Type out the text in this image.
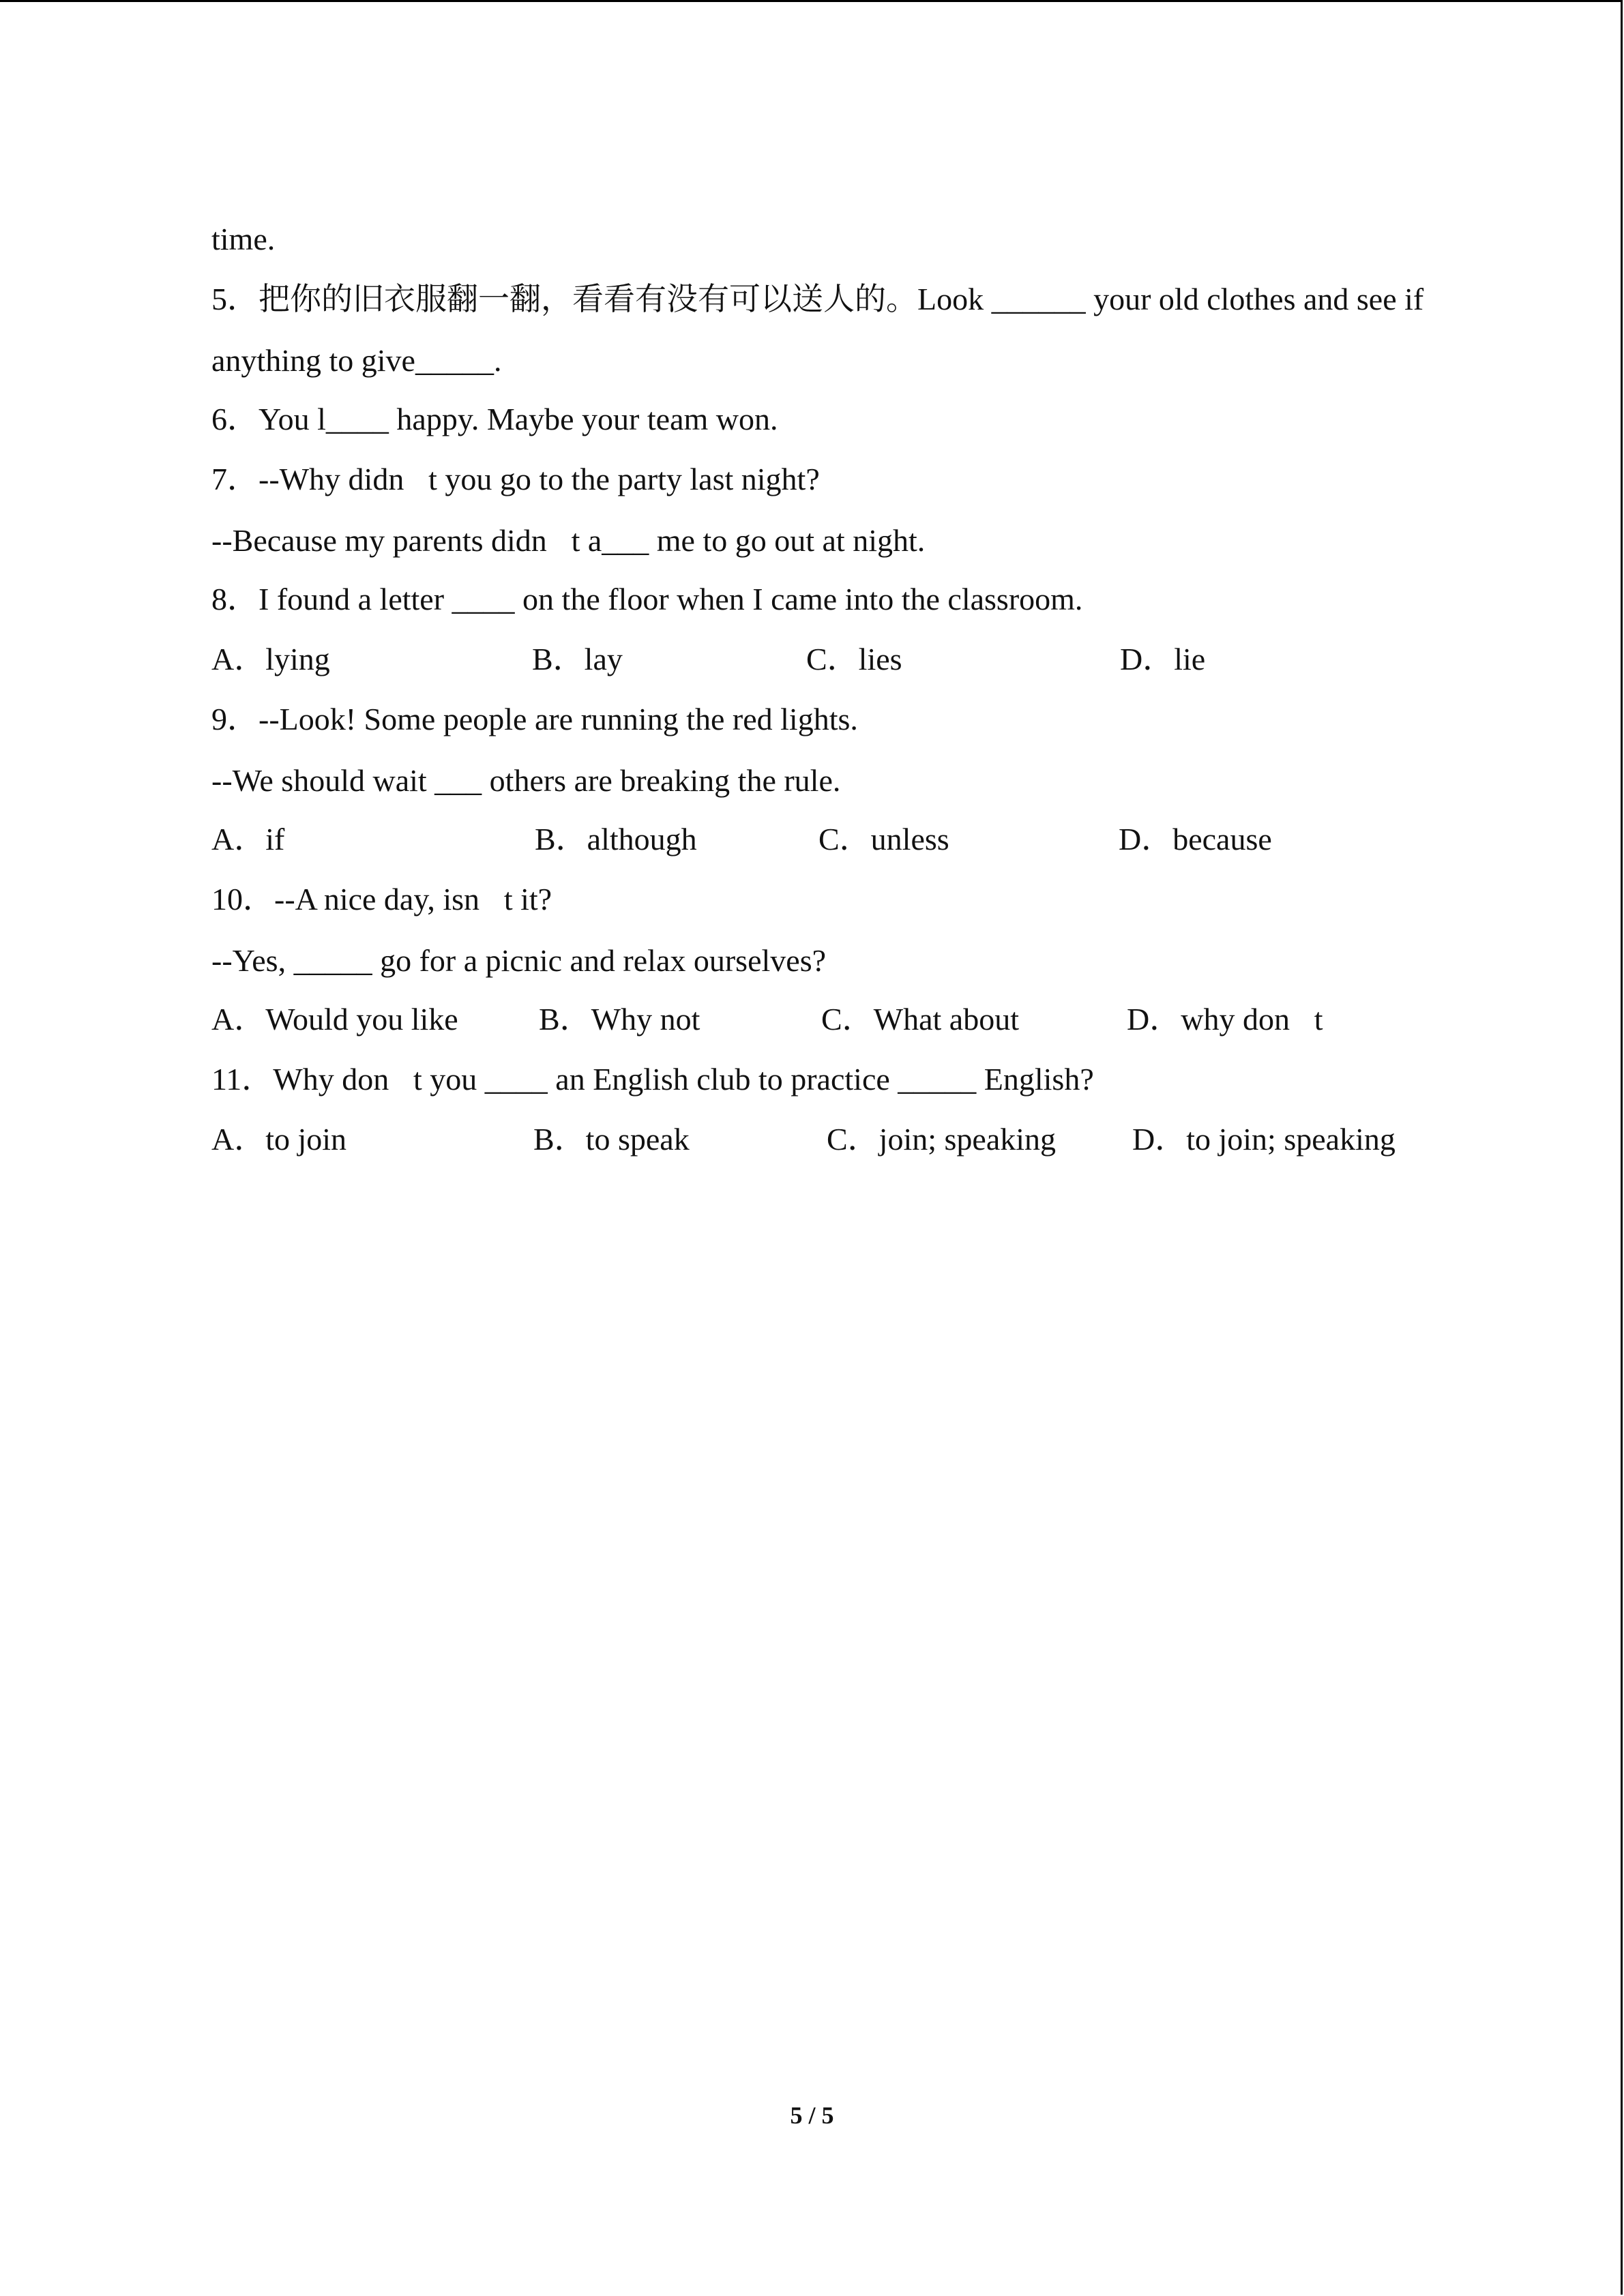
time.
5．把你的旧衣服翻一翻，看看有没有可以送人的。Look ______ your old clothes and see if
anything to give_____.
6．You l____ happy. Maybe your team won.
7．--Why didn t you go to the party last night?
--Because my parents didn t a___ me to go out at night.
8．I found a letter ____ on the floor when I came into the classroom.
A．lying	B．lay	C．lies	D．lie
9．--Look! Some people are running the red lights.
--We should wait ___ others are breaking the rule.
A．if	B．although	C．unless	D．because
10．--A nice day, isn t it?
--Yes, _____ go for a picnic and relax ourselves?
A．Would you like	B．Why not	C．What about	D．why don t
11．Why don t you ____ an English club to practice _____ English?
A．to join	B．to speak	C．join; speaking D．to join; speaking
5 / 5
